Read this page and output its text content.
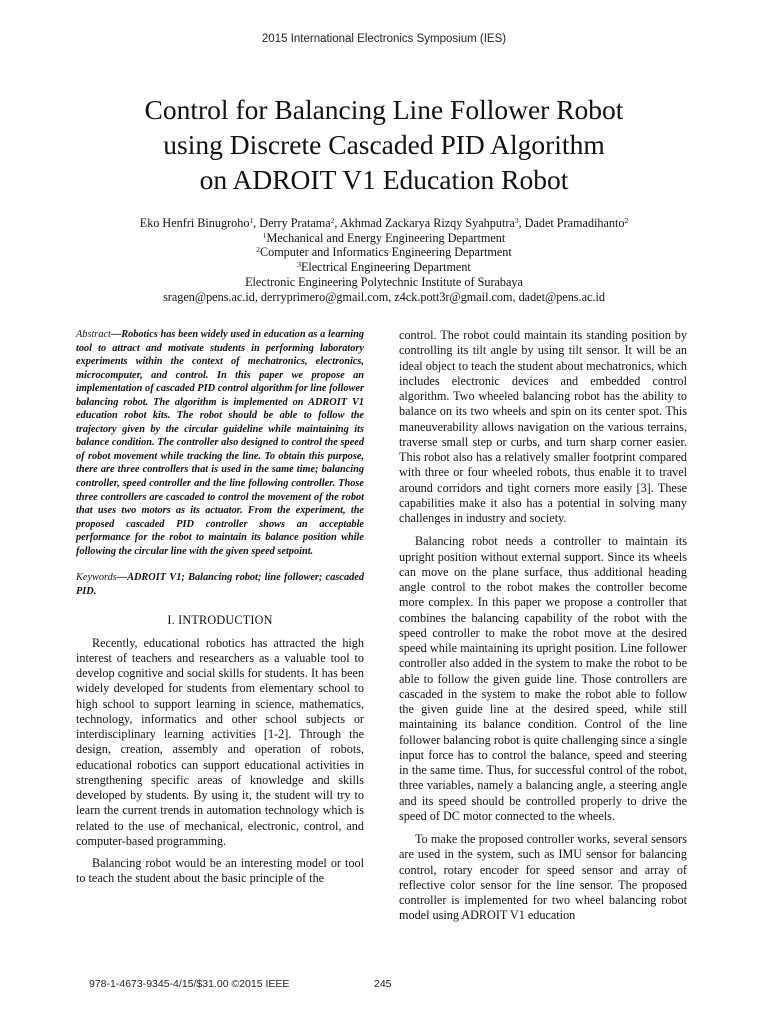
2015 International Electronics Symposium (IES)
Control for Balancing Line Follower Robot
using Discrete Cascaded PID Algorithm
on ADROIT V1 Education Robot
Eko Henfri Binugroho$^1$, Derry Pratama$^2$, Akhmad Zackarya Rizqy Syahputra$^3$, Dadet Pramadihanto$^2$
$^1$Mechanical and Energy Engineering Department
$^2$Computer and Informatics Engineering Department
$^3$Electrical Engineering Department
Electronic Engineering Polytechnic Institute of Surabaya
sragen@pens.ac.id, derryprimero@gmail.com, z4ck.pott3r@gmail.com, dadet@pens.ac.id

Abstract—Robotics has been widely used in education as a learning tool to attract and motivate students in performing laboratory experiments within the context of mechatronics, electronics, microcomputer, and control. In this paper we propose an implementation of cascaded PID control algorithm for line follower balancing robot. The algorithm is implemented on ADROIT V1 education robot kits. The robot should be able to follow the trajectory given by the circular guideline while maintaining its balance condition. The controller also designed to control the speed of robot movement while tracking the line. To obtain this purpose, there are three controllers that is used in the same time; balancing controller, speed controller and the line following controller. Those three controllers are cascaded to control the movement of the robot that uses two motors as its actuator. From the experiment, the proposed cascaded PID controller shows an acceptable performance for the robot to maintain its balance position while following the circular line with the given speed setpoint.

Keywords—ADROIT V1; Balancing robot; line follower; cascaded PID.

I. INTRODUCTION

Recently, educational robotics has attracted the high interest of teachers and researchers as a valuable tool to develop cognitive and social skills for students. It has been widely developed for students from elementary school to high school to support learning in science, mathematics, technology, informatics and other school subjects or interdisciplinary learning activities [1-2]. Through the design, creation, assembly and operation of robots, educational robotics can support educational activities in strengthening specific areas of knowledge and skills developed by students. By using it, the student will try to learn the current trends in automation technology which is related to the use of mechanical, electronic, control, and computer-based programming.

Balancing robot would be an interesting model or tool to teach the student about the basic principle of the

control. The robot could maintain its standing position by controlling its tilt angle by using tilt sensor. It will be an ideal object to teach the student about mechatronics, which includes electronic devices and embedded control algorithm. Two wheeled balancing robot has the ability to balance on its two wheels and spin on its center spot. This maneuverability allows navigation on the various terrains, traverse small step or curbs, and turn sharp corner easier. This robot also has a relatively smaller footprint compared with three or four wheeled robots, thus enable it to travel around corridors and tight corners more easily [3]. These capabilities make it also has a potential in solving many challenges in industry and society.

Balancing robot needs a controller to maintain its upright position without external support. Since its wheels can move on the plane surface, thus additional heading angle control to the robot makes the controller become more complex. In this paper we propose a controller that combines the balancing capability of the robot with the speed controller to make the robot move at the desired speed while maintaining its upright position. Line follower controller also added in the system to make the robot to be able to follow the given guide line. Those controllers are cascaded in the system to make the robot able to follow the given guide line at the desired speed, while still maintaining its balance condition. Control of the line follower balancing robot is quite challenging since a single input force has to control the balance, speed and steering in the same time. Thus, for successful control of the robot, three variables, namely a balancing angle, a steering angle and its speed should be controlled properly to drive the speed of DC motor connected to the wheels.

To make the proposed controller works, several sensors are used in the system, such as IMU sensor for balancing control, rotary encoder for speed sensor and array of reflective color sensor for the line sensor. The proposed controller is implemented for two wheel balancing robot model using ADROIT V1 education

978-1-4673-9345-4/15/$31.00 ©2015 IEEE	245
